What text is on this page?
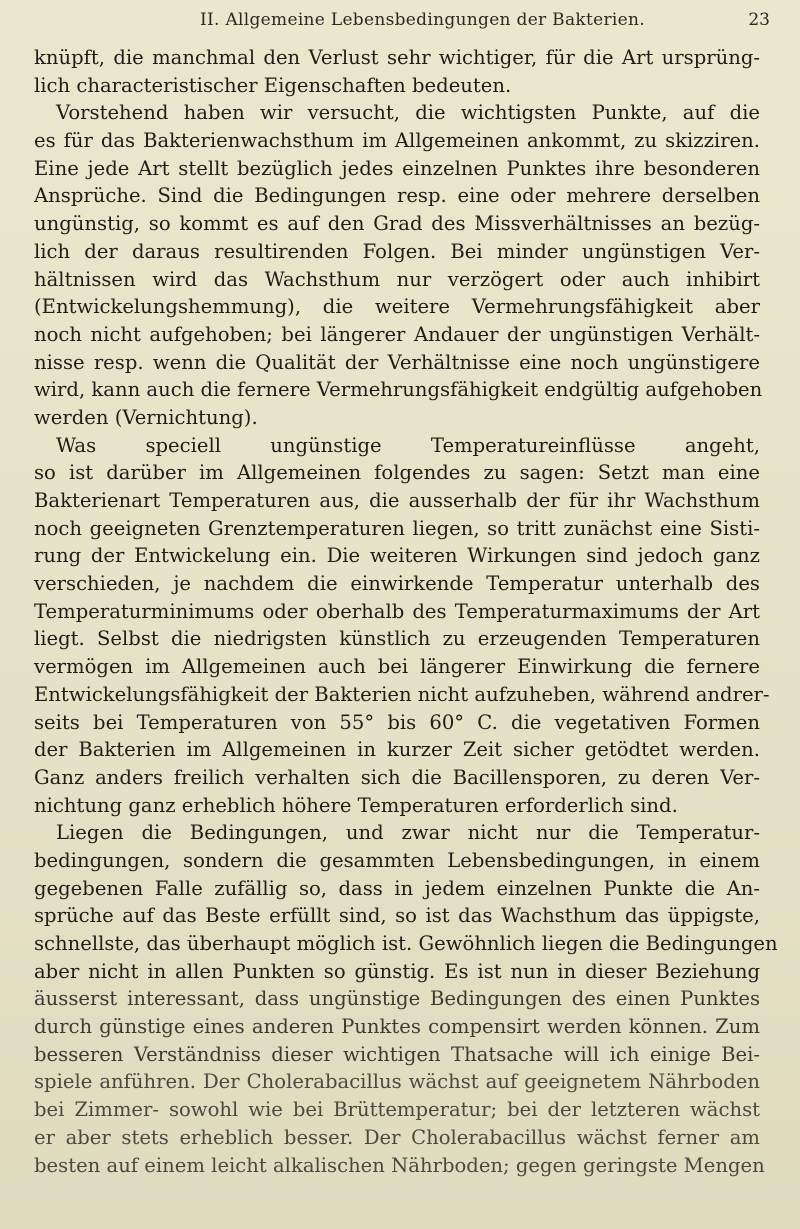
II. Allgemeine Lebensbedingungen der Bakterien.	23
knüpft, die manchmal den Verlust sehr wichtiger, für die Art ursprüng-
lich characteristischer Eigenschaften bedeuten.
Vorstehend haben wir versucht, die wichtigsten Punkte, auf die
es für das Bakterienwachsthum im Allgemeinen ankommt, zu skizziren.
Eine jede Art stellt bezüglich jedes einzelnen Punktes ihre besonderen
Ansprüche. Sind die Bedingungen resp. eine oder mehrere derselben
ungünstig, so kommt es auf den Grad des Missverhältnisses an bezüg-
lich der daraus resultirenden Folgen. Bei minder ungünstigen Ver-
hältnissen wird das Wachsthum nur verzögert oder auch inhibirt
(Entwickelungshemmung), die weitere Vermehrungsfähigkeit aber
noch nicht aufgehoben; bei längerer Andauer der ungünstigen Verhält-
nisse resp. wenn die Qualität der Verhältnisse eine noch ungünstigere
wird, kann auch die fernere Vermehrungsfähigkeit endgültig aufgehoben
werden (Vernichtung).
Was speciell ungünstige Temperatureinflüsse angeht,
so ist darüber im Allgemeinen folgendes zu sagen: Setzt man eine
Bakterienart Temperaturen aus, die ausserhalb der für ihr Wachsthum
noch geeigneten Grenztemperaturen liegen, so tritt zunächst eine Sisti-
rung der Entwickelung ein. Die weiteren Wirkungen sind jedoch ganz
verschieden, je nachdem die einwirkende Temperatur unterhalb des
Temperaturminimums oder oberhalb des Temperaturmaximums der Art
liegt. Selbst die niedrigsten künstlich zu erzeugenden Temperaturen
vermögen im Allgemeinen auch bei längerer Einwirkung die fernere
Entwickelungsfähigkeit der Bakterien nicht aufzuheben, während andrer-
seits bei Temperaturen von 55° bis 60° C. die vegetativen Formen
der Bakterien im Allgemeinen in kurzer Zeit sicher getödtet werden.
Ganz anders freilich verhalten sich die Bacillensporen, zu deren Ver-
nichtung ganz erheblich höhere Temperaturen erforderlich sind.
Liegen die Bedingungen, und zwar nicht nur die Temperatur-
bedingungen, sondern die gesammten Lebensbedingungen, in einem
gegebenen Falle zufällig so, dass in jedem einzelnen Punkte die An-
sprüche auf das Beste erfüllt sind, so ist das Wachsthum das üppigste,
schnellste, das überhaupt möglich ist. Gewöhnlich liegen die Bedingungen
aber nicht in allen Punkten so günstig. Es ist nun in dieser Beziehung
äusserst interessant, dass ungünstige Bedingungen des einen Punktes
durch günstige eines anderen Punktes compensirt werden können. Zum
besseren Verständniss dieser wichtigen Thatsache will ich einige Bei-
spiele anführen. Der Cholerabacillus wächst auf geeignetem Nährboden
bei Zimmer- sowohl wie bei Brüttemperatur; bei der letzteren wächst
er aber stets erheblich besser. Der Cholerabacillus wächst ferner am
besten auf einem leicht alkalischen Nährboden; gegen geringste Mengen
